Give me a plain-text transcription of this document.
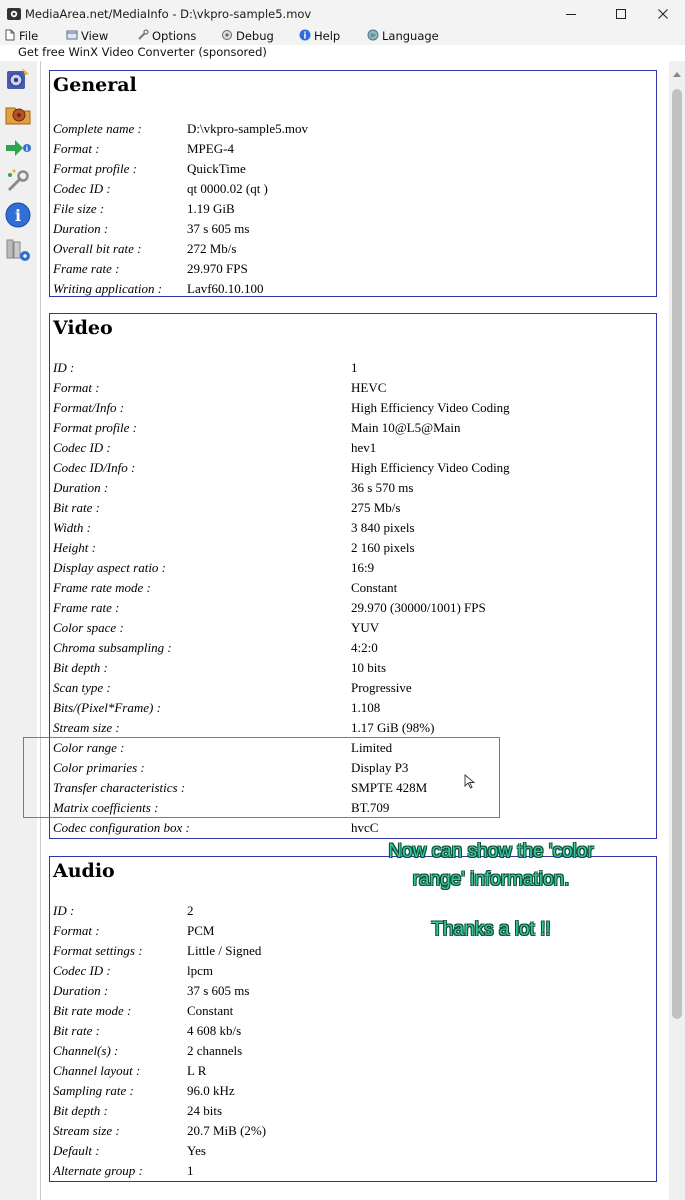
MediaArea.net/MediaInfo - D:\vkpro-sample5.mov
File	View	Options	Debug	i Help	Language
Get free WinX Video Converter (sponsored)
i
i
General
Complete name :	D:\vkpro-sample5.mov
Format :	MPEG-4
Format profile :	QuickTime
Codec ID :	qt 0000.02 (qt )
File size :	1.19 GiB
Duration :	37 s 605 ms
Overall bit rate :	272 Mb/s
Frame rate :	29.970 FPS
Writing application : Lavf60.10.100
Video
ID :	1
Format :	HEVC
Format/Info :	High Efficiency Video Coding
Format profile :	Main 10@L5@Main
Codec ID :	hev1
Codec ID/Info :	High Efficiency Video Coding
Duration :	36 s 570 ms
Bit rate :	275 Mb/s
Width :	3 840 pixels
Height :	2 160 pixels
Display aspect ratio :	16:9
Frame rate mode :	Constant
Frame rate :	29.970 (30000/1001) FPS
Color space :	YUV
Chroma subsampling :	4:2:0
Bit depth :	10 bits
Scan type :	Progressive
Bits/(Pixel*Frame) :	1.108
Stream size :	1.17 GiB (98%)
Color range :	Limited
Color primaries :	Display P3
Transfer characteristics :	SMPTE 428M
Matrix coefficients :	BT.709
Codec configuration box :	hvcC
Audio
ID :	2
Format :	PCM
Format settings :	Little / Signed
Codec ID :	lpcm
Duration :	37 s 605 ms
Bit rate mode :	Constant
Bit rate :	4 608 kb/s
Channel(s) :	2 channels
Channel layout :	L R
Sampling rate :	96.0 kHz
Bit depth :	24 bits
Stream size :	20.7 MiB (2%)
Default :	Yes
Alternate group :	1
Now can show the 'color
range' information.
Thanks a lot !!
